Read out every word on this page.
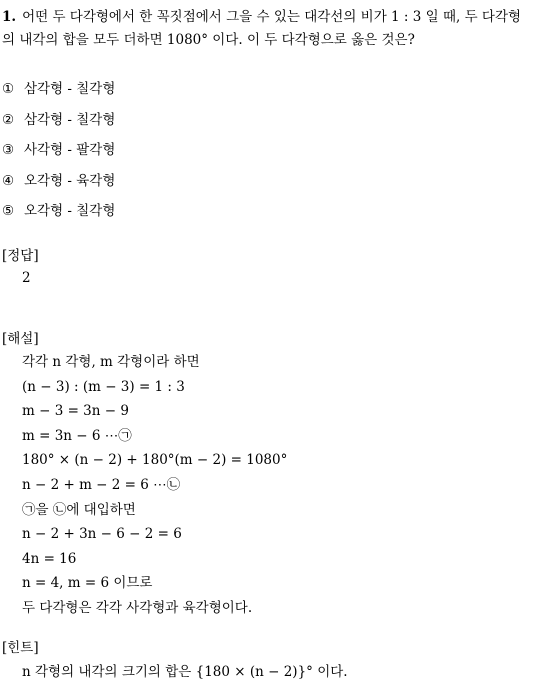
1. 어떤 두 다각형에서 한 꼭짓점에서 그을 수 있는 대각선의 비가 1 : 3 일 때, 두 다각형의 내각의 합을 모두 더하면 1080° 이다. 이 두 다각형으로 옳은 것은?
① 삼각형 - 칠각형
② 삼각형 - 칠각형
③ 사각형 - 팔각형
④ 오각형 - 육각형
⑤ 오각형 - 칠각형
[정답]
2
[해설]
각각 n 각형, m 각형이라 하면
(n − 3) : (m − 3) = 1 : 3
m − 3 = 3n − 9
m = 3n − 6 ⋯㉠
180° × (n − 2) + 180°(m − 2) = 1080°
n − 2 + m − 2 = 6 ⋯㉡
㉠을 ㉡에 대입하면
n − 2 + 3n − 6 − 2 = 6
4n = 16
n = 4, m = 6 이므로
두 다각형은 각각 사각형과 육각형이다.
[힌트]
n 각형의 내각의 크기의 합은 {180 × (n − 2)}° 이다.
